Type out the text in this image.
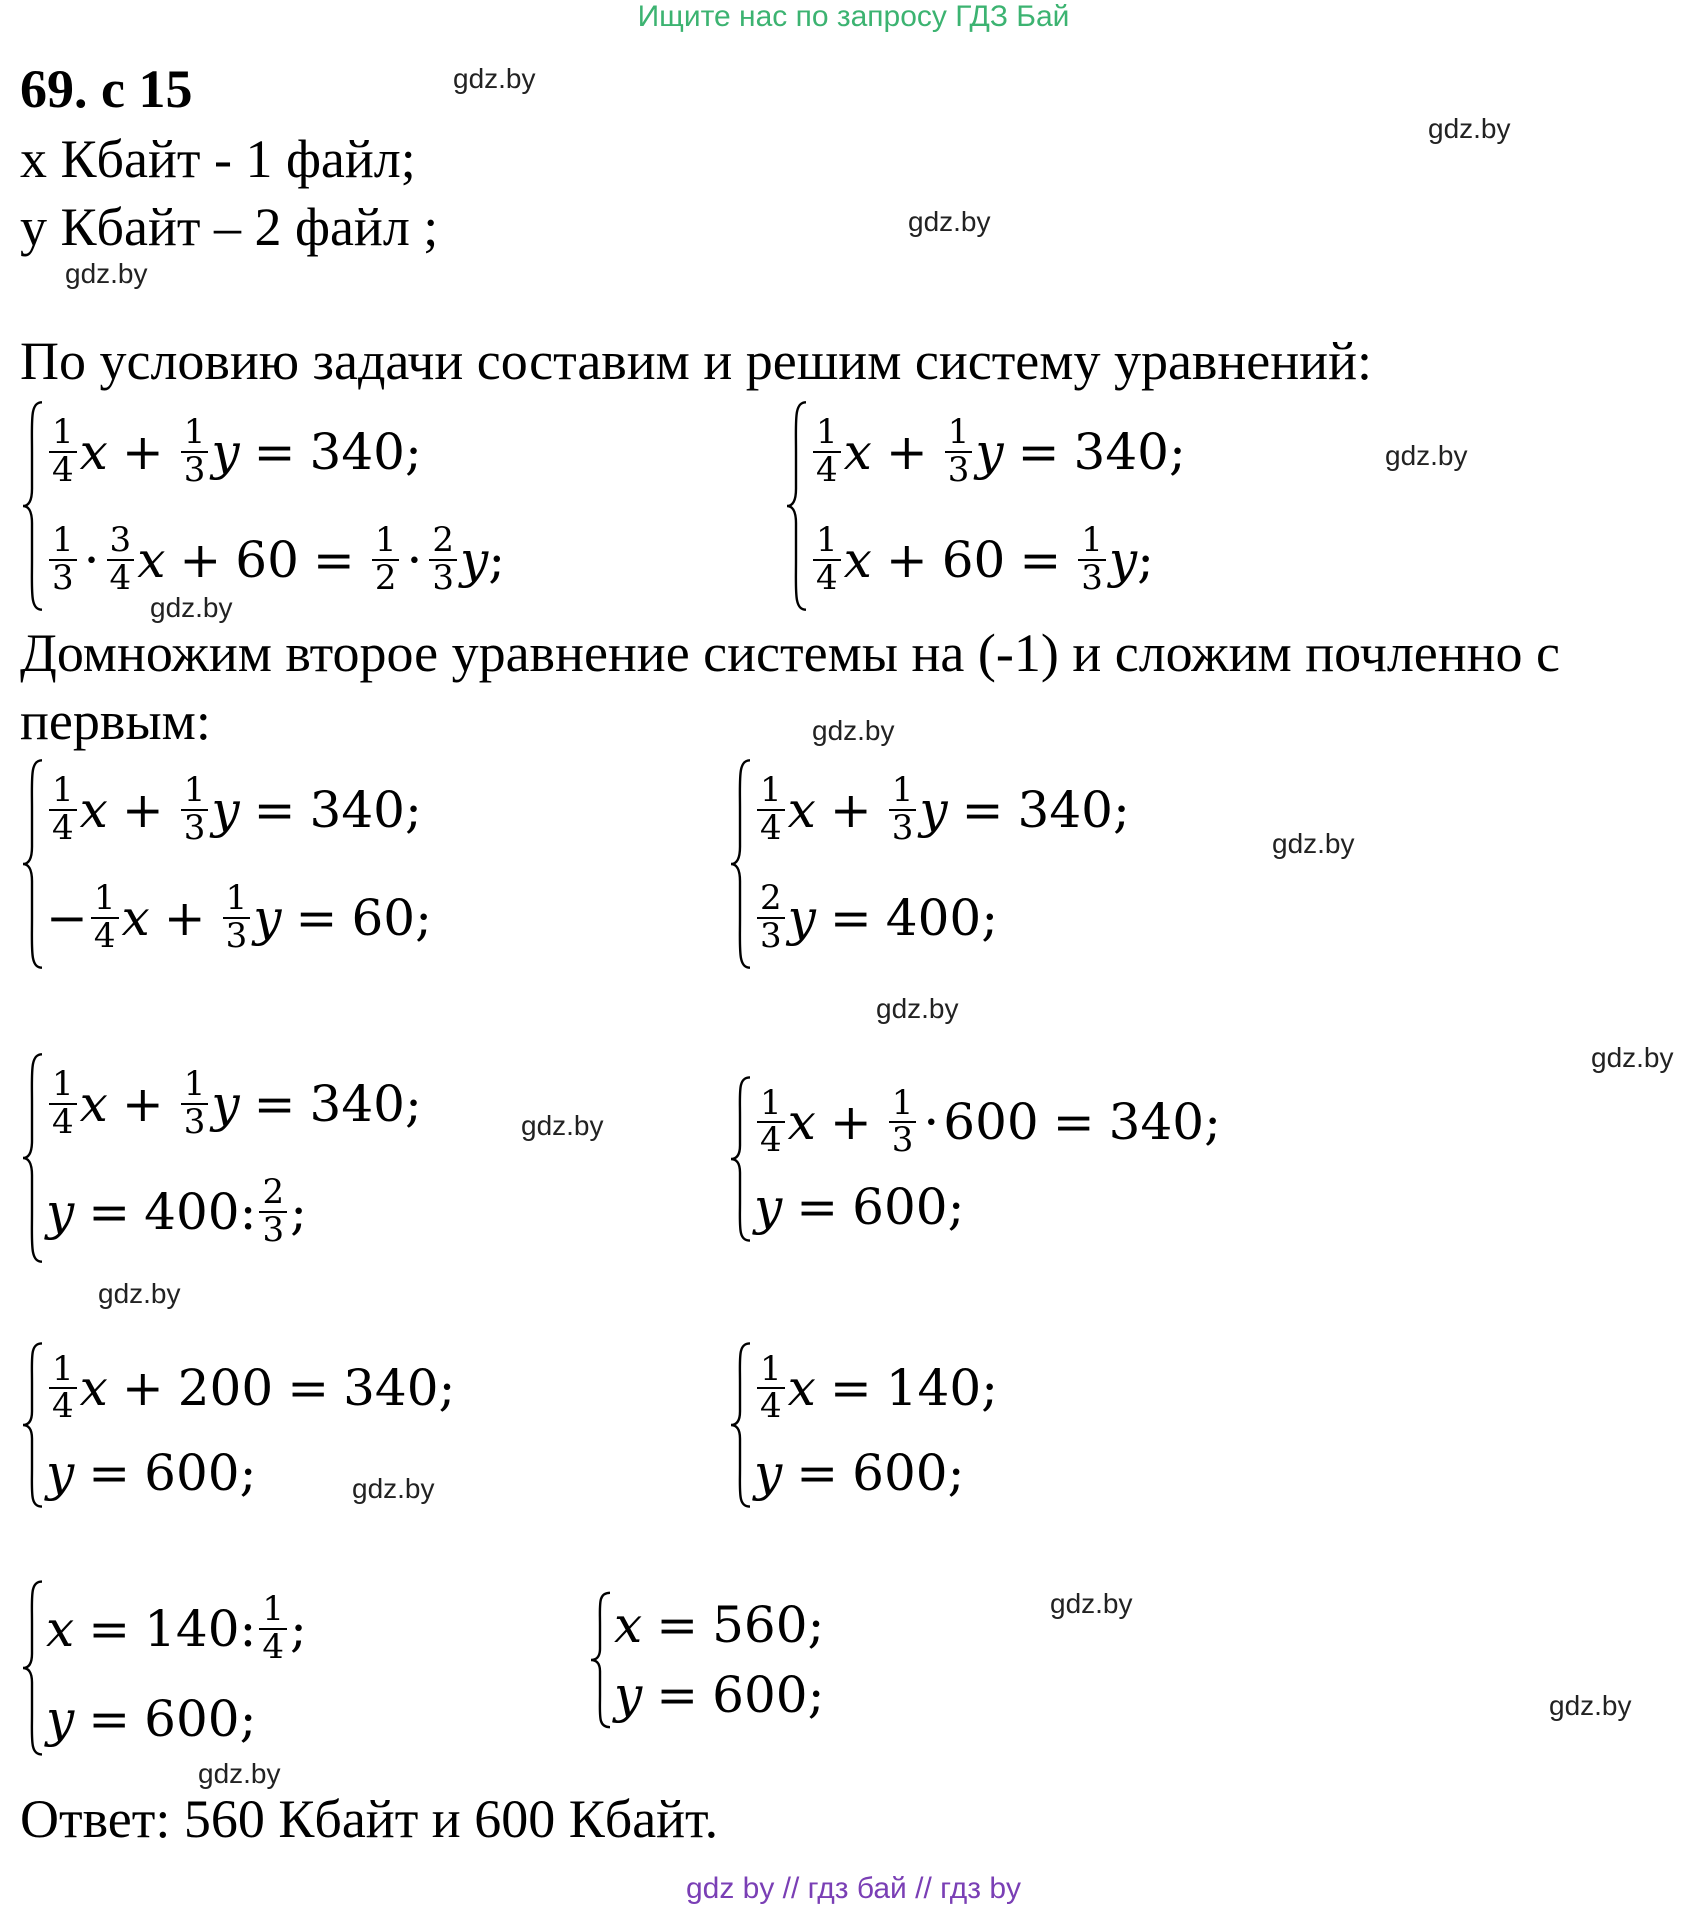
Ищите нас по запросу ГДЗ Бай
69. с 15
x Кбайт - 1 файл;
y Кбайт – 2 файл ;
По условию задачи составим и решим систему уравнений:
Домножим второе уравнение системы на (-1) и сложим почленно с
первым:
Ответ: 560 Кбайт и 600 Кбайт.
gdz.by
gdz.by
gdz.by
gdz.by
gdz.by
gdz.by
gdz.by
gdz.by
gdz.by
gdz.by
gdz.by
gdz.by
gdz.by
gdz.by
gdz.by
gdz.by
$\frac{1}{4}$ $x + \frac{1}{3}$ y = 340;
$\frac{1}{3} \cdot \frac{3}{4}$ $x + 60 = \frac{1}{2} \cdot \frac{2}{3}$ y ;
$\frac{1}{4}$ $x + \frac{1}{3}$ y = 340;
$\frac{1}{4}$ $x + 60 = \frac{1}{3}$ y ;
$\frac{1}{4}$ $x + \frac{1}{3}$ y = 340;
− $\frac{1}{4}$ $x + \frac{1}{3}$ y = 60;
$\frac{1}{4}$ $x + \frac{1}{3}$ y = 340;
$\frac{2}{3}$ y = 400;
$\frac{1}{4}$ $x + \frac{1}{3}$ y = 340;
y = 400 : $\frac{2}{3}$ ;
$\frac{1}{4}$ $x + \frac{1}{3} \cdot 600 = 340$;
y = 600;
$\frac{1}{4}$ x + 200 = 340;
y = 600;
$\frac{1}{4}$ x = 140;
y = 600;
x = 140 : $\frac{1}{4}$ ;
y = 600;
x = 560;
y = 600;
gdz by // гдз бай // гдз by
